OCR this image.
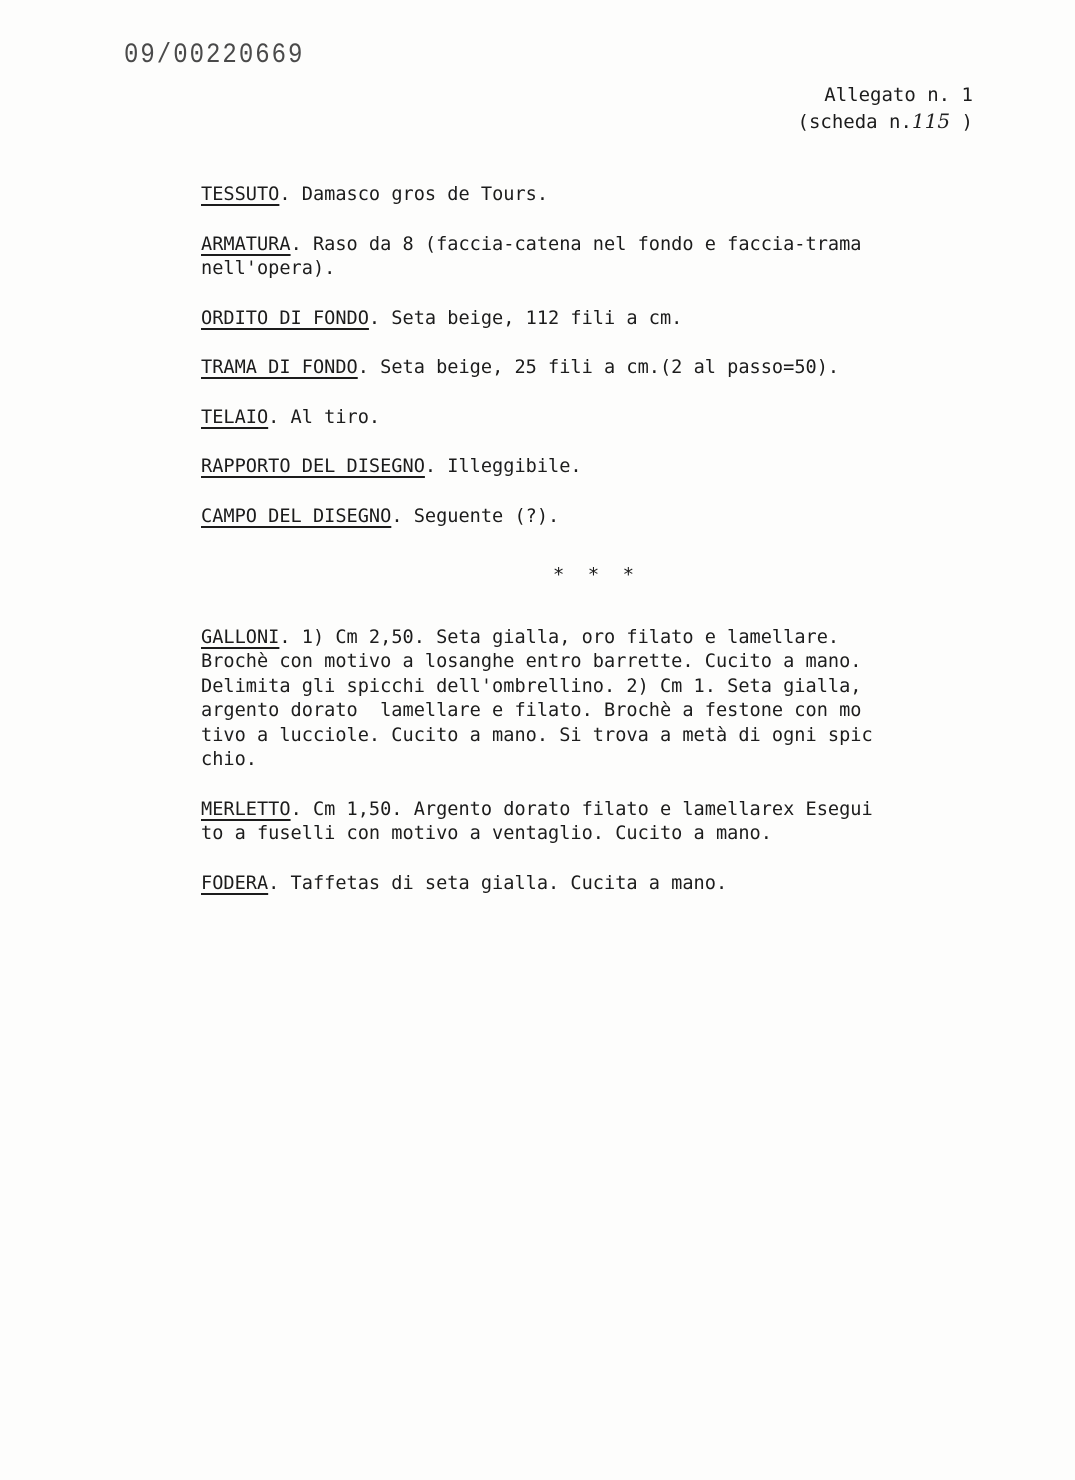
09/00220669
Allegato n. 1
(scheda n.115 )

TESSUTO. Damasco gros de Tours.

ARMATURA. Raso da 8 (faccia-catena nel fondo e faccia-trama
nell'opera).

ORDITO DI FONDO. Seta beige, 112 fili a cm.

TRAMA DI FONDO. Seta beige, 25 fili a cm.(2 al passo=50).

TELAIO. Al tiro.

RAPPORTO DEL DISEGNO. Illeggibile.

CAMPO DEL DISEGNO. Seguente (?).

* * *

GALLONI. 1) Cm 2,50. Seta gialla, oro filato e lamellare.
Brochè con motivo a losanghe entro barrette. Cucito a mano.
Delimita gli spicchi dell'ombrellino. 2) Cm 1. Seta gialla,
argento dorato  lamellare e filato. Brochè a festone con mo
tivo a lucciole. Cucito a mano. Si trova a metà di ogni spic
chio.

MERLETTO. Cm 1,50. Argento dorato filato e lamellarex Esegui
to a fuselli con motivo a ventaglio. Cucito a mano.

FODERA. Taffetas di seta gialla. Cucita a mano.
